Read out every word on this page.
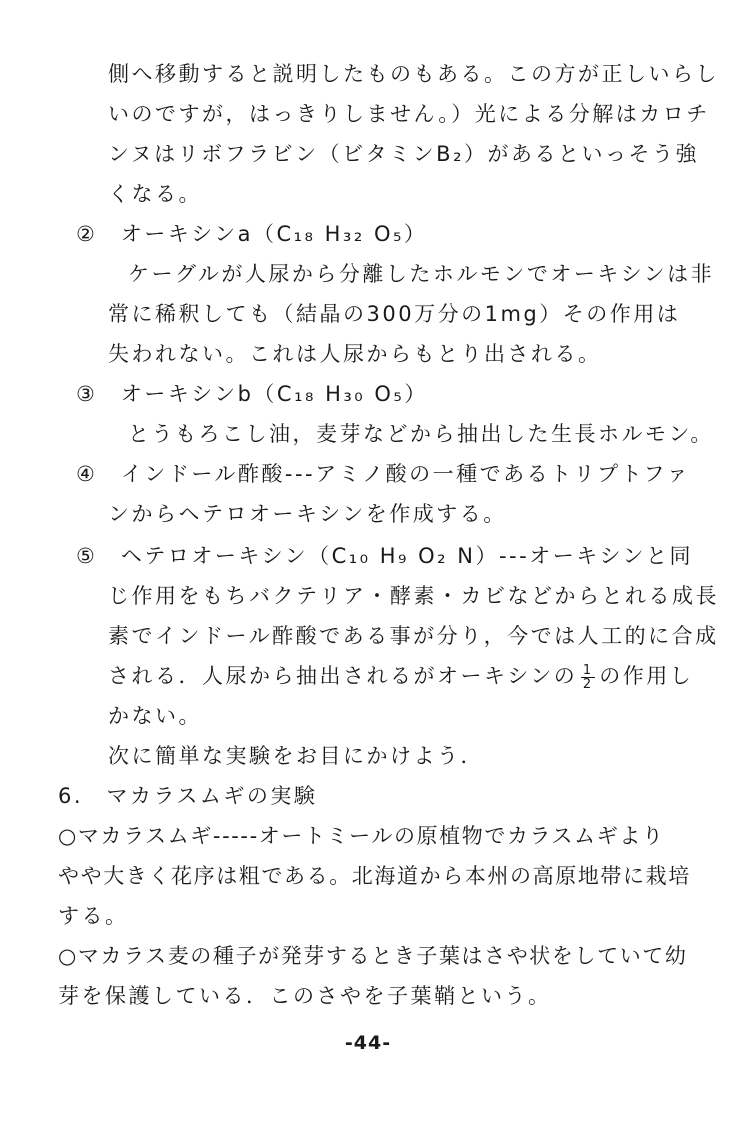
側へ移動すると説明したものもある。この方が正しいらし
いのですが，はっきりしません。）光による分解はカロチ
ンヌはリボフラビン（ビタミンB₂）があるといっそう強
くなる。
②　オーキシンa（C₁₈ H₃₂ O₅）
ケーグルが人尿から分離したホルモンでオーキシンは非
常に稀釈しても（結晶の300万分の1mg）その作用は
失われない。これは人尿からもとり出される。
③　オーキシンb（C₁₈ H₃₀ O₅）
とうもろこし油，麦芽などから抽出した生長ホルモン。
④　インドール酢酸---アミノ酸の一種であるトリプトファ
ンからヘテロオーキシンを作成する。
⑤　ヘテロオーキシン（C₁₀ H₉ O₂ N）---オーキシンと同
じ作用をもちバクテリア・酵素・カビなどからとれる成長
素でインドール酢酸である事が分り，今では人工的に合成
される．人尿から抽出されるがオーキシンの $\frac{1}{2}$ の作用し
かない。
次に簡単な実験をお目にかけよう．
6.　マカラスムギの実験
○マカラスムギ-----オートミールの原植物でカラスムギより
やや大きく花序は粗である。北海道から本州の高原地帯に栽培
する。
○マカラス麦の種子が発芽するとき子葉はさや状をしていて幼
芽を保護している．このさやを子葉鞘という。
-44-
